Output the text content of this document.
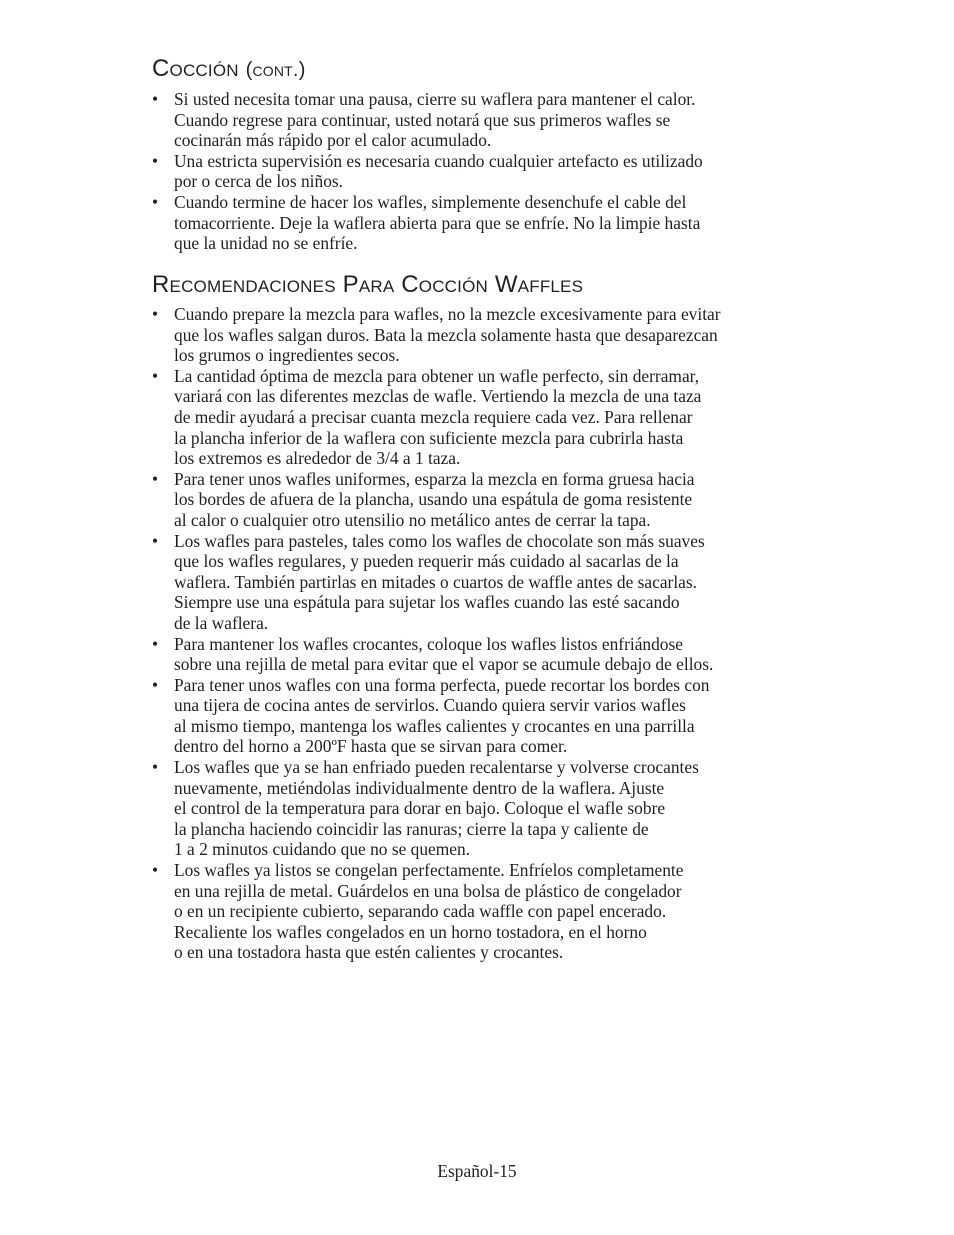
Cocción (cont.)
• Si usted necesita tomar una pausa, cierre su waflera para mantener el calor.
Cuando regrese para continuar, usted notará que sus primeros wafles se
cocinarán más rápido por el calor acumulado.
• Una estricta supervisión es necesaria cuando cualquier artefacto es utilizado
por o cerca de los niños.
• Cuando termine de hacer los wafles, simplemente desenchufe el cable del
tomacorriente. Deje la waflera abierta para que se enfríe. No la limpie hasta
que la unidad no se enfríe.
Recomendaciones Para Cocción Waffles
• Cuando prepare la mezcla para wafles, no la mezcle excesivamente para evitar
que los wafles salgan duros. Bata la mezcla solamente hasta que desaparezcan
los grumos o ingredientes secos.
• La cantidad óptima de mezcla para obtener un wafle perfecto, sin derramar,
variará con las diferentes mezclas de wafle. Vertiendo la mezcla de una taza
de medir ayudará a precisar cuanta mezcla requiere cada vez. Para rellenar
la plancha inferior de la waflera con suficiente mezcla para cubrirla hasta
los extremos es alrededor de 3/4 a 1 taza.
• Para tener unos wafles uniformes, esparza la mezcla en forma gruesa hacia
los bordes de afuera de la plancha, usando una espátula de goma resistente
al calor o cualquier otro utensilio no metálico antes de cerrar la tapa.
• Los wafles para pasteles, tales como los wafles de chocolate son más suaves
que los wafles regulares, y pueden requerir más cuidado al sacarlas de la
waflera. También partirlas en mitades o cuartos de waffle antes de sacarlas.
Siempre use una espátula para sujetar los wafles cuando las esté sacando
de la waflera.
• Para mantener los wafles crocantes, coloque los wafles listos enfriándose
sobre una rejilla de metal para evitar que el vapor se acumule debajo de ellos.
• Para tener unos wafles con una forma perfecta, puede recortar los bordes con
una tijera de cocina antes de servirlos. Cuando quiera servir varios wafles
al mismo tiempo, mantenga los wafles calientes y crocantes en una parrilla
dentro del horno a 200ºF hasta que se sirvan para comer.
• Los wafles que ya se han enfriado pueden recalentarse y volverse crocantes
nuevamente, metiéndolas individualmente dentro de la waflera. Ajuste
el control de la temperatura para dorar en bajo. Coloque el wafle sobre
la plancha haciendo coincidir las ranuras; cierre la tapa y caliente de
1 a 2 minutos cuidando que no se quemen.
• Los wafles ya listos se congelan perfectamente. Enfríelos completamente
en una rejilla de metal. Guárdelos en una bolsa de plástico de congelador
o en un recipiente cubierto, separando cada waffle con papel encerado.
Recaliente los wafles congelados en un horno tostadora, en el horno
o en una tostadora hasta que estén calientes y crocantes.
Español-15
